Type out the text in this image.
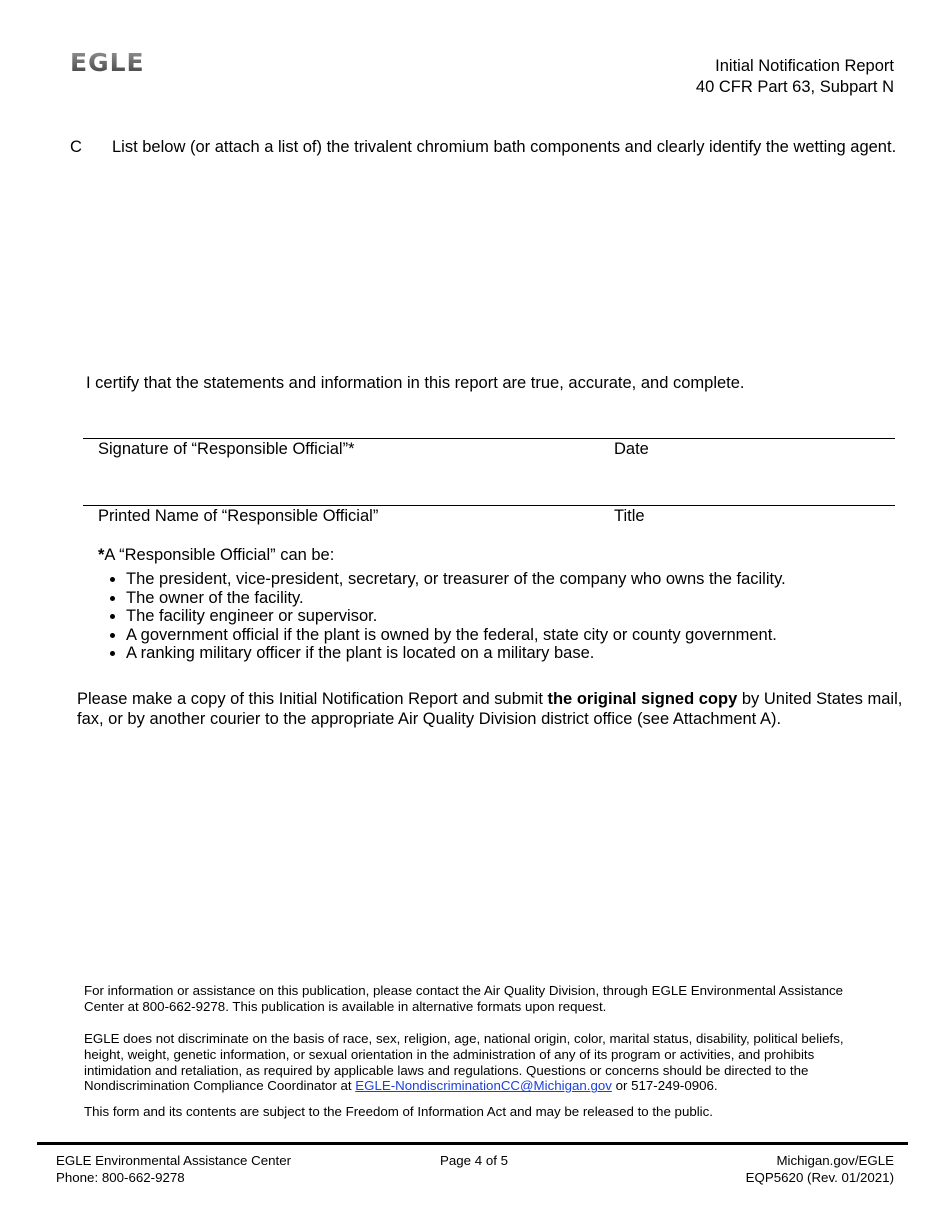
EGLE	Initial Notification Report
40 CFR Part 63, Subpart N
C List below (or attach a list of) the trivalent chromium bath components and clearly identify the wetting agent.
I certify that the statements and information in this report are true, accurate, and complete.
Signature of “Responsible Official”*	Date
Printed Name of “Responsible Official”	Title
*A “Responsible Official” can be:
• The president, vice-president, secretary, or treasurer of the company who owns the facility.
• The owner of the facility.
• The facility engineer or supervisor.
• A government official if the plant is owned by the federal, state city or county government.
• A ranking military officer if the plant is located on a military base.
Please make a copy of this Initial Notification Report and submit the original signed copy by United States mail, fax, or by another courier to the appropriate Air Quality Division district office (see Attachment A).
For information or assistance on this publication, please contact the Air Quality Division, through EGLE Environmental Assistance Center at 800-662-9278. This publication is available in alternative formats upon request.
EGLE does not discriminate on the basis of race, sex, religion, age, national origin, color, marital status, disability, political beliefs, height, weight, genetic information, or sexual orientation in the administration of any of its program or activities, and prohibits intimidation and retaliation, as required by applicable laws and regulations. Questions or concerns should be directed to the Nondiscrimination Compliance Coordinator at EGLE-NondiscriminationCC@Michigan.gov or 517-249-0906.
This form and its contents are subject to the Freedom of Information Act and may be released to the public.
EGLE Environmental Assistance Center
Phone: 800-662-9278
Page 4 of 5	Michigan.gov/EGLE
EQP5620 (Rev. 01/2021)
